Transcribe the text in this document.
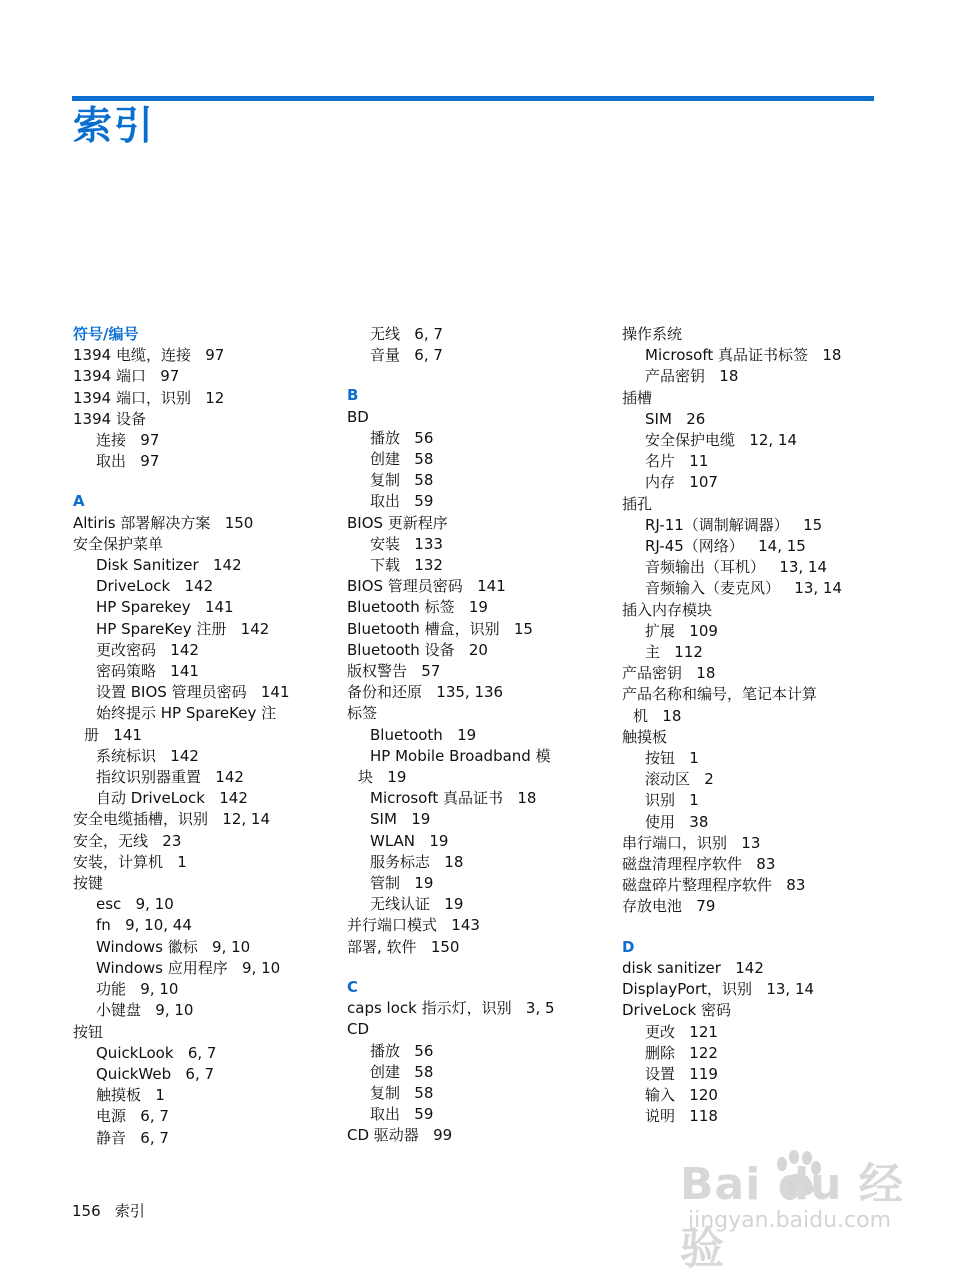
索引
符号/编号
1394 电缆，连接   97
1394 端口   97
1394 端口，识别   12
1394 设备
连接   97
取出   97
A
Altiris 部署解决方案   150
安全保护菜单
Disk Sanitizer   142
DriveLock   142
HP Sparekey   141
HP SpareKey 注册   142
更改密码   142
密码策略   141
设置 BIOS 管理员密码   141
始终提示 HP SpareKey 注
册   141
系统标识   142
指纹识别器重置   142
自动 DriveLock   142
安全电缆插槽，识别   12, 14
安全，无线   23
安装，计算机   1
按键
esc   9, 10
fn   9, 10, 44
Windows 徽标   9, 10
Windows 应用程序   9, 10
功能   9, 10
小键盘   9, 10
按钮
QuickLook   6, 7
QuickWeb   6, 7
触摸板   1
电源   6, 7
静音   6, 7
无线   6, 7
音量   6, 7
B
BD
播放   56
创建   58
复制   58
取出   59
BIOS 更新程序
安装   133
下载   132
BIOS 管理员密码   141
Bluetooth 标签   19
Bluetooth 槽盒，识别   15
Bluetooth 设备   20
版权警告   57
备份和还原   135, 136
标签
Bluetooth   19
HP Mobile Broadband 模
块   19
Microsoft 真品证书   18
SIM   19
WLAN   19
服务标志   18
管制   19
无线认证   19
并行端口模式   143
部署, 软件   150
C
caps lock 指示灯，识别   3, 5
CD
播放   56
创建   58
复制   58
取出   59
CD 驱动器   99
操作系统
Microsoft 真品证书标签   18
产品密钥   18
插槽
SIM   26
安全保护电缆   12, 14
名片   11
内存   107
插孔
RJ-11（调制解调器）   15
RJ-45（网络）   14, 15
音频输出（耳机）   13, 14
音频输入（麦克风）   13, 14
插入内存模块
扩展   109
主   112
产品密钥   18
产品名称和编号，笔记本计算
机   18
触摸板
按钮   1
滚动区   2
识别   1
使用   38
串行端口，识别   13
磁盘清理程序软件   83
磁盘碎片整理程序软件   83
存放电池   79
D
disk sanitizer   142
DisplayPort，识别   13, 14
DriveLock 密码
更改   121
删除   122
设置   119
输入   120
说明   118
156   索引
Bai du 经验
jingyan.baidu.com
